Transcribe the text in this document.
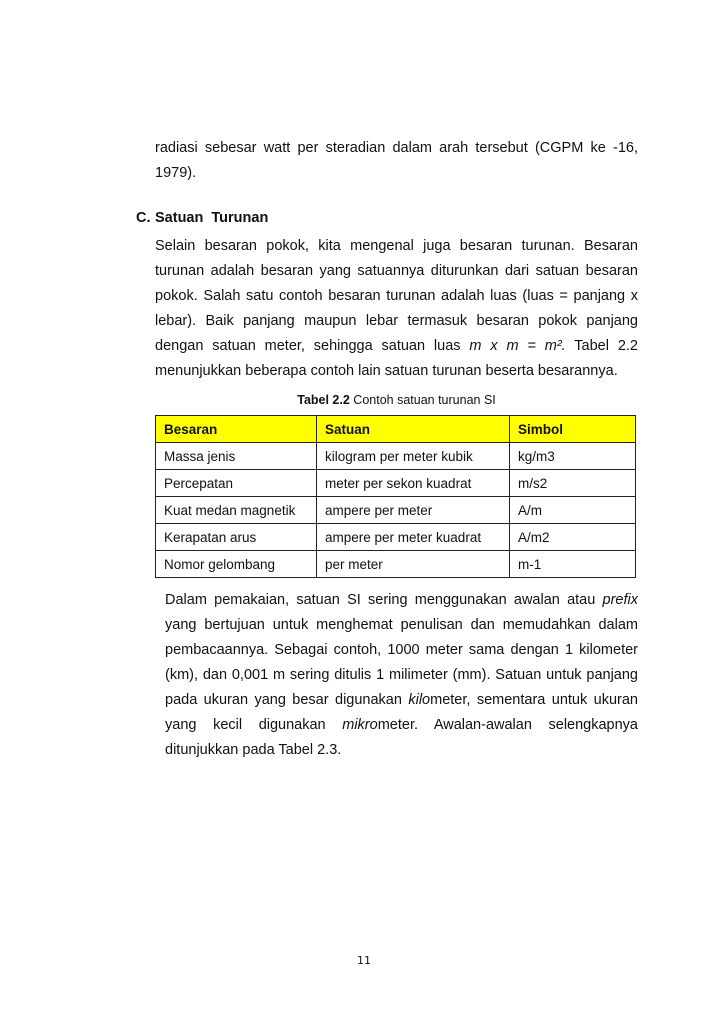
radiasi sebesar watt per steradian dalam arah tersebut (CGPM ke -16,
1979).
C. Satuan  Turunan
Selain besaran pokok, kita mengenal juga besaran turunan. Besaran
turunan adalah besaran yang satuannya diturunkan dari satuan besaran
pokok. Salah satu contoh besaran turunan adalah luas (luas = panjang x
lebar). Baik panjang maupun lebar termasuk besaran pokok panjang
dengan satuan meter, sehingga satuan luas m x m = m². Tabel 2.2
menunjukkan beberapa contoh lain satuan turunan beserta besarannya.
Tabel 2.2 Contoh satuan turunan SI
Besaran	Satuan	Simbol
Massa jenis	kilogram per meter kubik	kg/m3
Percepatan	meter per sekon kuadrat	m/s2
Kuat medan magnetik	ampere per meter	A/m
Kerapatan arus	ampere per meter kuadrat	A/m2
Nomor gelombang	per meter	m-1
Dalam pemakaian, satuan SI sering menggunakan awalan atau prefix
yang bertujuan untuk menghemat penulisan dan memudahkan dalam
pembacaannya. Sebagai contoh, 1000 meter sama dengan 1 kilometer
(km), dan 0,001 m sering ditulis 1 milimeter (mm). Satuan untuk panjang
pada ukuran yang besar digunakan kilometer, sementara untuk ukuran
yang kecil digunakan mikrometer. Awalan-awalan selengkapnya
ditunjukkan pada Tabel 2.3.
11
